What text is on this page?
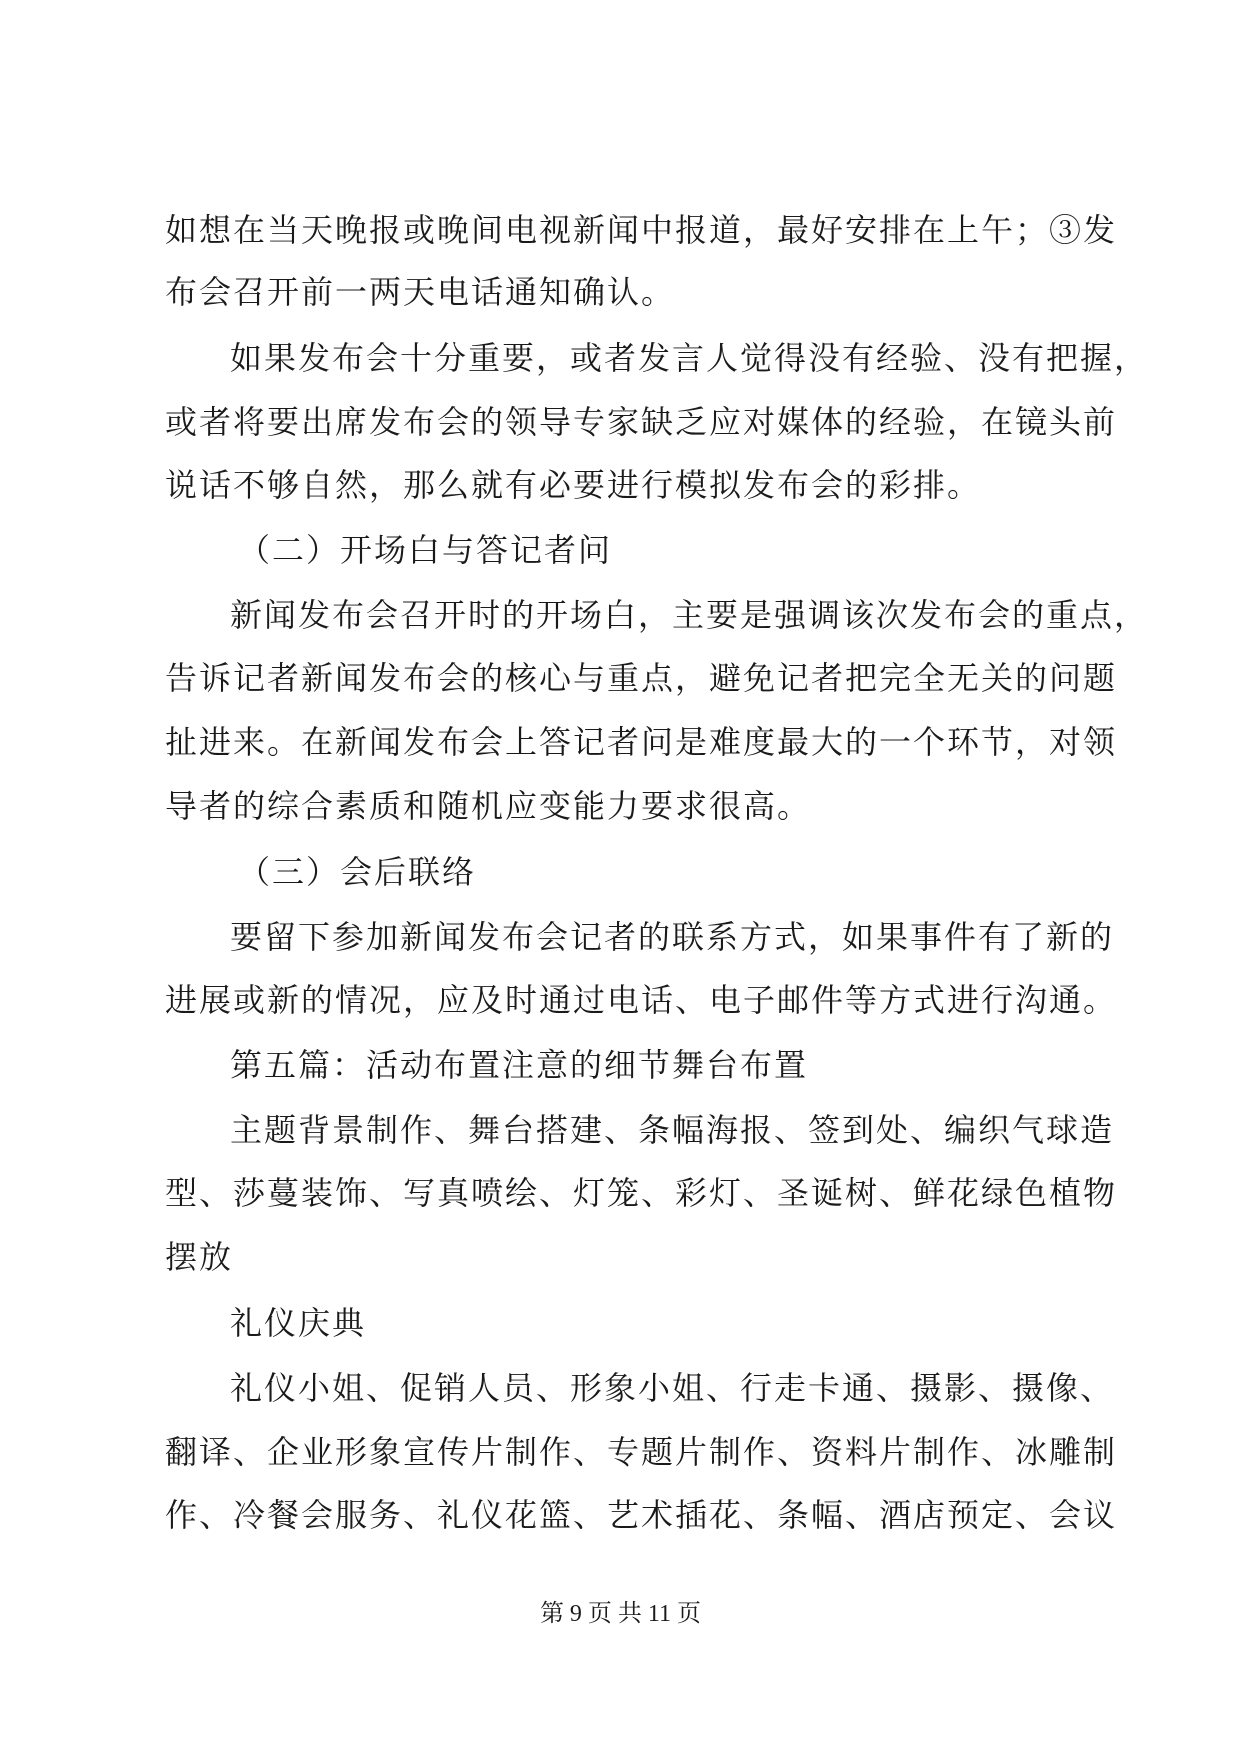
如想在当天晚报或晚间电视新闻中报道，最好安排在上午；③发
布会召开前一两天电话通知确认。
如果发布会十分重要，或者发言人觉得没有经验、没有把握，
或者将要出席发布会的领导专家缺乏应对媒体的经验，在镜头前
说话不够自然，那么就有必要进行模拟发布会的彩排。
（二）开场白与答记者问
新闻发布会召开时的开场白，主要是强调该次发布会的重点，
告诉记者新闻发布会的核心与重点，避免记者把完全无关的问题
扯进来。在新闻发布会上答记者问是难度最大的一个环节，对领
导者的综合素质和随机应变能力要求很高。
（三）会后联络
要留下参加新闻发布会记者的联系方式，如果事件有了新的
进展或新的情况，应及时通过电话、电子邮件等方式进行沟通。
第五篇：活动布置注意的细节舞台布置
主题背景制作、舞台搭建、条幅海报、签到处、编织气球造
型、莎蔓装饰、写真喷绘、灯笼、彩灯、圣诞树、鲜花绿色植物
摆放
礼仪庆典
礼仪小姐、促销人员、形象小姐、行走卡通、摄影、摄像、
翻译、企业形象宣传片制作、专题片制作、资料片制作、冰雕制
作、冷餐会服务、礼仪花篮、艺术插花、条幅、酒店预定、会议
第 9 页 共 11 页
